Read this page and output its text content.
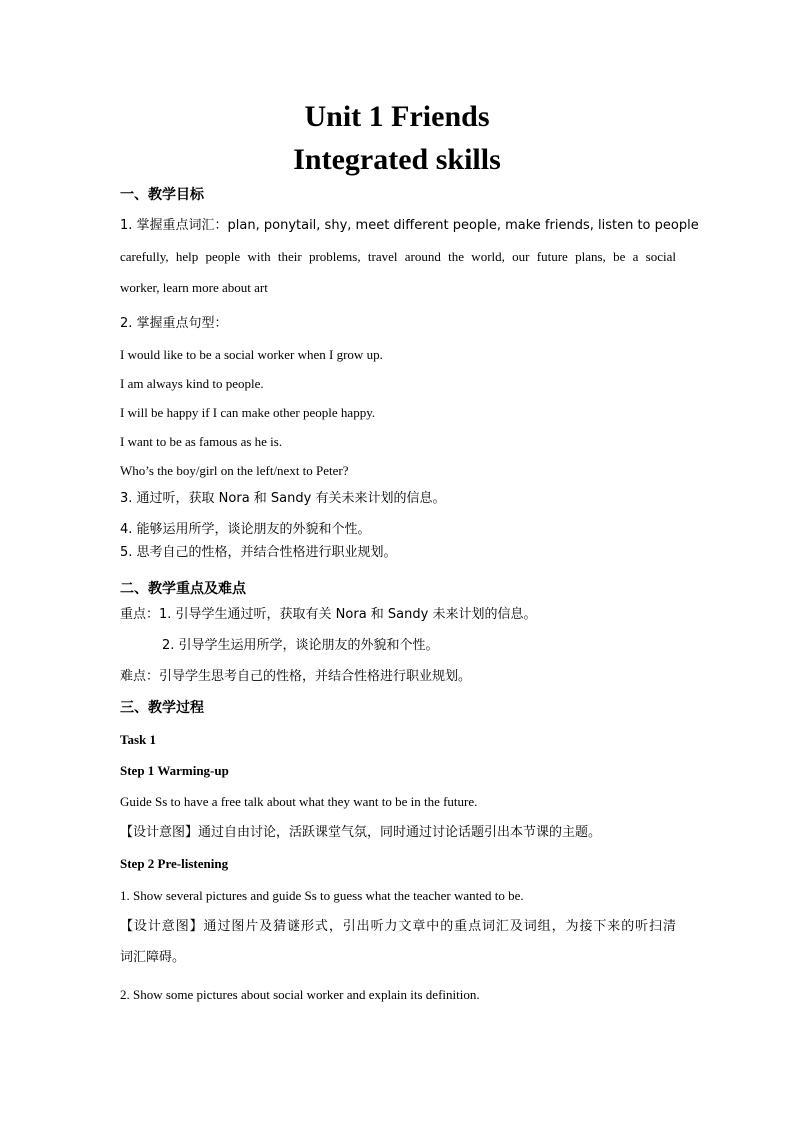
Unit 1 Friends
Integrated skills
一、教学目标
1. 掌握重点词汇：plan, ponytail, shy, meet different people, make friends, listen to people
carefully, help people with their problems, travel around the world, our future plans, be a social
worker, learn more about art
2. 掌握重点句型：
I would like to be a social worker when I grow up.
I am always kind to people.
I will be happy if I can make other people happy.
I want to be as famous as he is.
Who’s the boy/girl on the left/next to Peter?
3. 通过听，获取 Nora 和 Sandy 有关未来计划的信息。
4. 能够运用所学，谈论朋友的外貌和个性。
5. 思考自己的性格，并结合性格进行职业规划。
二、教学重点及难点
重点：1. 引导学生通过听，获取有关 Nora 和 Sandy 未来计划的信息。
2. 引导学生运用所学，谈论朋友的外貌和个性。
难点：引导学生思考自己的性格，并结合性格进行职业规划。
三、教学过程
Task 1
Step 1 Warming-up
Guide Ss to have a free talk about what they want to be in the future.
【设计意图】通过自由讨论，活跃课堂气氛，同时通过讨论话题引出本节课的主题。
Step 2 Pre-listening
1. Show several pictures and guide Ss to guess what the teacher wanted to be.
【设计意图】通过图片及猜谜形式，引出听力文章中的重点词汇及词组，为接下来的听扫清
词汇障碍。
2. Show some pictures about social worker and explain its definition.
